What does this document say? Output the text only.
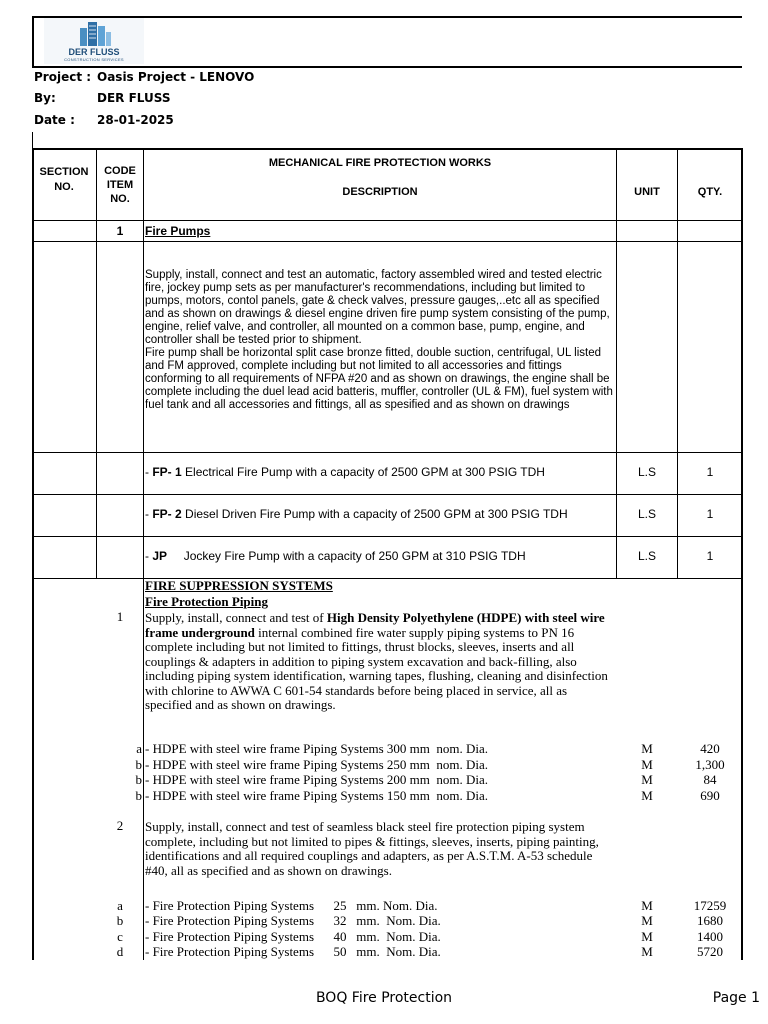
DER FLUSS
CONSTRUCTION SERVICES
Project : Oasis Project - LENOVO
By:	DER FLUSS
Date : 28-01-2025
SECTION NO.
CODE ITEM NO.
MECHANICAL FIRE PROTECTION WORKS
DESCRIPTION	UNIT	QTY.
1	Fire Pumps
Supply, install, connect and test an automatic, factory assembled wired and tested electric fire, jockey pump sets as per manufacturer's recommendations, including but limited to pumps, motors, contol panels, gate & check valves, pressure gauges,..etc all as specified and as shown on drawings & diesel engine driven fire pump system consisting of the pump, engine, relief valve, and controller, all mounted on a common base, pump, engine, and controller shall be tested prior to shipment.
Fire pump shall be horizontal split case bronze fitted, double suction, centrifugal, UL listed and FM approved, complete including but not limited to all accessories and fittings conforming to all requirements of NFPA #20 and as shown on drawings, the engine shall be complete including the duel lead acid batteris, muffler, controller (UL & FM), fuel system with fuel tank and all accessories and fittings, all as spesified and as shown on drawings
- FP- 1 Electrical Fire Pump with a capacity of 2500 GPM at 300 PSIG TDH	L.S	1
- FP- 2 Diesel Driven Fire Pump with a capacity of 2500 GPM at 300 PSIG TDH	L.S	1
- JP     Jockey Fire Pump with a capacity of 250 GPM at 310 PSIG TDH	L.S	1
FIRE SUPPRESSION SYSTEMS
Fire Protection Piping
1	Supply, install, connect and test of High Density Polyethylene (HDPE) with steel wire frame underground internal combined fire water supply piping systems to PN 16 complete including but not limited to fittings, thrust blocks, sleeves, inserts and all couplings & adapters in addition to piping system excavation and back-filling, also including piping system identification, warning tapes, flushing, cleaning and disinfection with chlorine to AWWA C 601-54 standards before being placed in service, all as specified and as shown on drawings.
a - HDPE with steel wire frame Piping Systems 300 mm  nom. Dia.	M	420
b - HDPE with steel wire frame Piping Systems 250 mm  nom. Dia.	M	1,300
b - HDPE with steel wire frame Piping Systems 200 mm  nom. Dia.	M	84
b - HDPE with steel wire frame Piping Systems 150 mm  nom. Dia.	M	690
2	Supply, install, connect and test of seamless black steel fire protection piping system complete, including but not limited to pipes & fittings, sleeves, inserts, piping painting, identifications and all required couplings and adapters, as per A.S.T.M. A-53 schedule #40, all as specified and as shown on drawings.
a	- Fire Protection Piping Systems      25   mm. Nom. Dia.	M	17259
b	- Fire Protection Piping Systems      32   mm.  Nom. Dia.	M	1680
c	- Fire Protection Piping Systems      40   mm.  Nom. Dia.	M	1400
d	- Fire Protection Piping Systems      50   mm.  Nom. Dia.	M	5720
BOQ Fire Protection	Page 1
